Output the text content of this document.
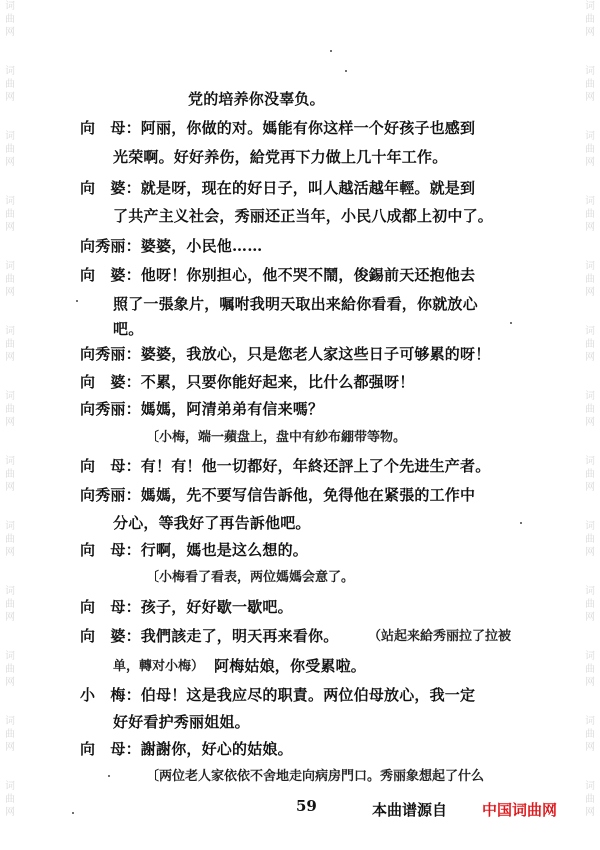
词
曲
网

词
曲
网

词
曲
网

词
曲
网

词
曲
网

词
曲
网

词
曲
网

词
曲
网

词
曲
网

词
曲
网

词
曲
网

词
曲
网

词
曲
网
词
曲
网

词
曲
网

词
曲
网

词
曲
网

词
曲
网

词
曲
网

词
曲
网

词
曲
网

词
曲
网

词
曲
网

词
曲
网

词
曲
网

词
曲
网
党的培养你没辜负。
向　母：阿丽，你做的对。媽能有你这样一个好孩子也感到
光荣啊。好好养伤，給党再下力做上几十年工作。
向　婆：就是呀，现在的好日子，叫人越活越年輕。就是到
了共产主义社会，秀丽还正当年，小民八成都上初中了。
向秀丽：婆婆，小民他……
向　婆：他呀！你别担心，他不哭不鬧，俊錫前天还抱他去
照了一張象片，嘱咐我明天取出来給你看看，你就放心
吧。
向秀丽：婆婆，我放心，只是您老人家这些日子可够累的呀！
向　婆：不累，只要你能好起来，比什么都强呀！
向秀丽：媽媽，阿清弟弟有信来嗎？
〔小梅，端一蘋盘上，盘中有紗布綳带等物。
向　母：有！有！他一切都好，年終还評上了个先进生产者。
向秀丽：媽媽，先不要写信告訴他，免得他在紧張的工作中
分心，等我好了再告訴他吧。
向　母：行啊，媽也是这么想的。
〔小梅看了看表，两位媽媽会意了。
向　母：孩子，好好歇一歇吧。
向　婆：我們該走了，明天再来看你。 （站起来給秀丽拉了拉被
单，轉对小梅） 阿梅姑娘，你受累啦。
小　梅：伯母！这是我应尽的职責。两位伯母放心，我一定
好好看护秀丽姐姐。
向　母：謝謝你，好心的姑娘。
〔两位老人家依依不舍地走向病房門口。秀丽象想起了什么
59	本曲谱源自 中国词曲网
